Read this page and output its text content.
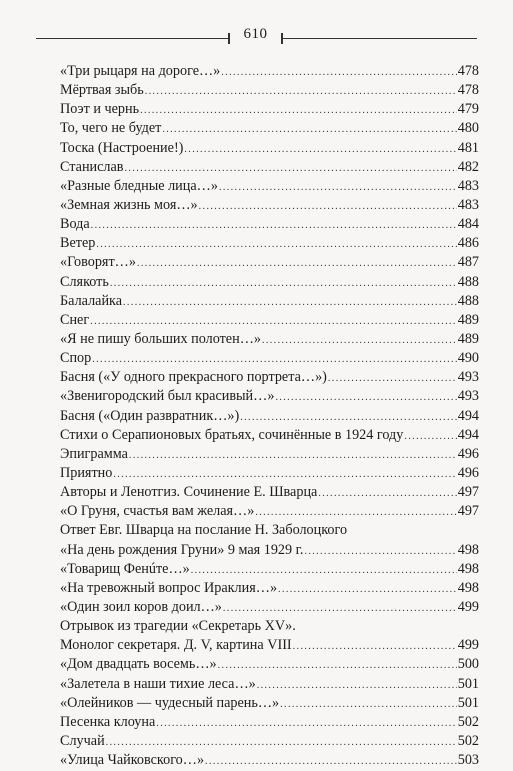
610
«Три рыцаря на дороге…» .....	478
Мёртвая зыбь .....	478
Поэт и чернь .....	479
То, чего не будет .....	480
Тоска (Настроение!) .....	481
Станислав .....	482
«Разные бледные лица…» .....	483
«Земная жизнь моя…» .....	483
Вода .....	484
Ветер .....	486
«Говорят…» .....	487
Слякоть .....	488
Балалайка .....	488
Снег .....	489
«Я не пишу больших полотен…» .....	489
Спор .....	490
Басня («У одного прекрасного портрета…») .....	493
«Звенигородский был красивый…» .....	493
Басня («Один развратник…») .....	494
Стихи о Серапионовых братьях, сочинённые в 1924 году .....	494
Эпиграмма .....	496
Приятно .....	496
Авторы и Ленотгиз. Сочинение Е. Шварца .....	497
«О Груня, счастья вам желая…» .....	497
Ответ Евг. Шварца на послание Н. Заболоцкого
«На день рождения Груни» 9 мая 1929 г. .....	498
«Товарищ Фенúте…» .....	498
«На тревожный вопрос Ираклия…» .....	498
«Один зоил коров доил…» .....	499
Отрывок из трагедии «Секретарь XV».
Монолог секретаря. Д. V, картина VIII .....	499
«Дом двадцать восемь…» .....	500
«Залетела в наши тихие леса…» .....	501
«Олейников — чудесный парень…» .....	501
Песенка клоуна .....	502
Случай .....	502
«Улица Чайковского…» .....	503
